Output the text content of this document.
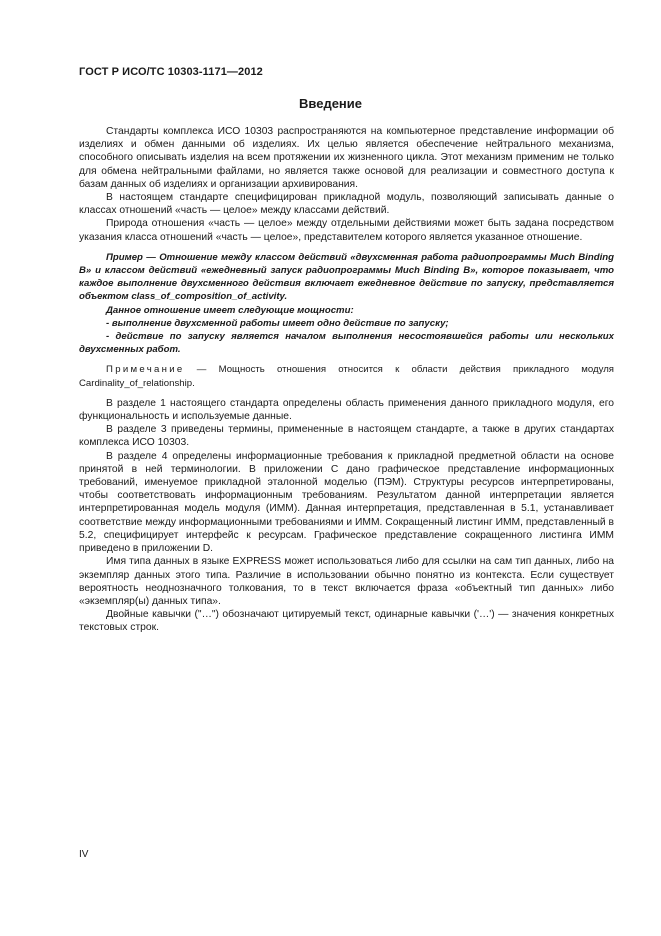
ГОСТ Р ИСО/ТС 10303-1171—2012
Введение

Стандарты комплекса ИСО 10303 распространяются на компьютерное представление информации об изделиях и обмен данными об изделиях. Их целью является обеспечение нейтрального механизма, способного описывать изделия на всем протяжении их жизненного цикла. Этот механизм применим не только для обмена нейтральными файлами, но является также основой для реализации и совместного доступа к базам данных об изделиях и организации архивирования.

В настоящем стандарте специфицирован прикладной модуль, позволяющий записывать данные о классах отношений «часть — целое» между классами действий.

Природа отношения «часть — целое» между отдельными действиями может быть задана посредством указания класса отношений «часть — целое», представителем которого является указанное отношение.

Пример — Отношение между классом действий «двухсменная работа радиопрограммы Much Binding B» и классом действий «ежедневный запуск радиопрограммы Much Binding B», которое показывает, что каждое выполнение двухсменного действия включает ежедневное действие по запуску, представляется объектом class_of_composition_of_activity.

Данное отношение имеет следующие мощности:

- выполнение двухсменной работы имеет одно действие по запуску;

- действие по запуску является началом выполнения несостоявшейся работы или нескольких двухсменных работ.

Примечание — Мощность отношения относится к области действия прикладного модуля Cardinality_of_relationship.

В разделе 1 настоящего стандарта определены область применения данного прикладного модуля, его функциональность и используемые данные.

В разделе 3 приведены термины, примененные в настоящем стандарте, а также в других стандартах комплекса ИСО 10303.

В разделе 4 определены информационные требования к прикладной предметной области на основе принятой в ней терминологии. В приложении С дано графическое представление информационных требований, именуемое прикладной эталонной моделью (ПЭМ). Структуры ресурсов интерпретированы, чтобы соответствовать информационным требованиям. Результатом данной интерпретации является интерпретированная модель модуля (ИММ). Данная интерпретация, представленная в 5.1, устанавливает соответствие между информационными требованиями и ИММ. Сокращенный листинг ИММ, представленный в 5.2, специфицирует интерфейс к ресурсам. Графическое представление сокращенного листинга ИММ приведено в приложении D.

Имя типа данных в языке EXPRESS может использоваться либо для ссылки на сам тип данных, либо на экземпляр данных этого типа. Различие в использовании обычно понятно из контекста. Если существует вероятность неоднозначного толкования, то в текст включается фраза «объектный тип данных» либо «экземпляр(ы) данных типа».

Двойные кавычки ("…") обозначают цитируемый текст, одинарные кавычки ('…') — значения конкретных текстовых строк.

IV
